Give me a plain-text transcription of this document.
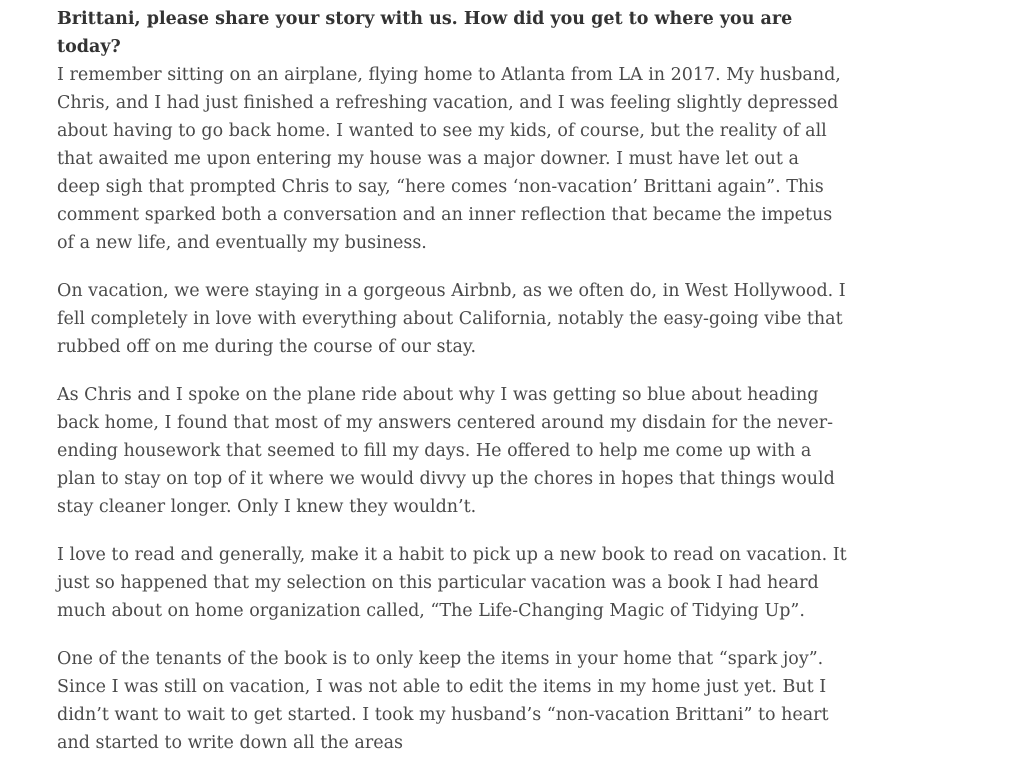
Brittani, please share your story with us. How did you get to where you are today?

I remember sitting on an airplane, flying home to Atlanta from LA in 2017. My husband, Chris, and I had just finished a refreshing vacation, and I was feeling slightly depressed about having to go back home. I wanted to see my kids, of course, but the reality of all that awaited me upon entering my house was a major downer. I must have let out a deep sigh that prompted Chris to say, “here comes ‘non-vacation’ Brittani again”. This comment sparked both a conversation and an inner reflection that became the impetus of a new life, and eventually my business.

On vacation, we were staying in a gorgeous Airbnb, as we often do, in West Hollywood. I fell completely in love with everything about California, notably the easy-going vibe that rubbed off on me during the course of our stay.

As Chris and I spoke on the plane ride about why I was getting so blue about heading back home, I found that most of my answers centered around my disdain for the never-ending housework that seemed to fill my days. He offered to help me come up with a plan to stay on top of it where we would divvy up the chores in hopes that things would stay cleaner longer. Only I knew they wouldn’t.

I love to read and generally, make it a habit to pick up a new book to read on vacation. It just so happened that my selection on this particular vacation was a book I had heard much about on home organization called, “The Life-Changing Magic of Tidying Up”.

One of the tenants of the book is to only keep the items in your home that “spark joy”. Since I was still on vacation, I was not able to edit the items in my home just yet. But I didn’t want to wait to get started. I took my husband’s “non-vacation Brittani” to heart and started to write down all the areas
